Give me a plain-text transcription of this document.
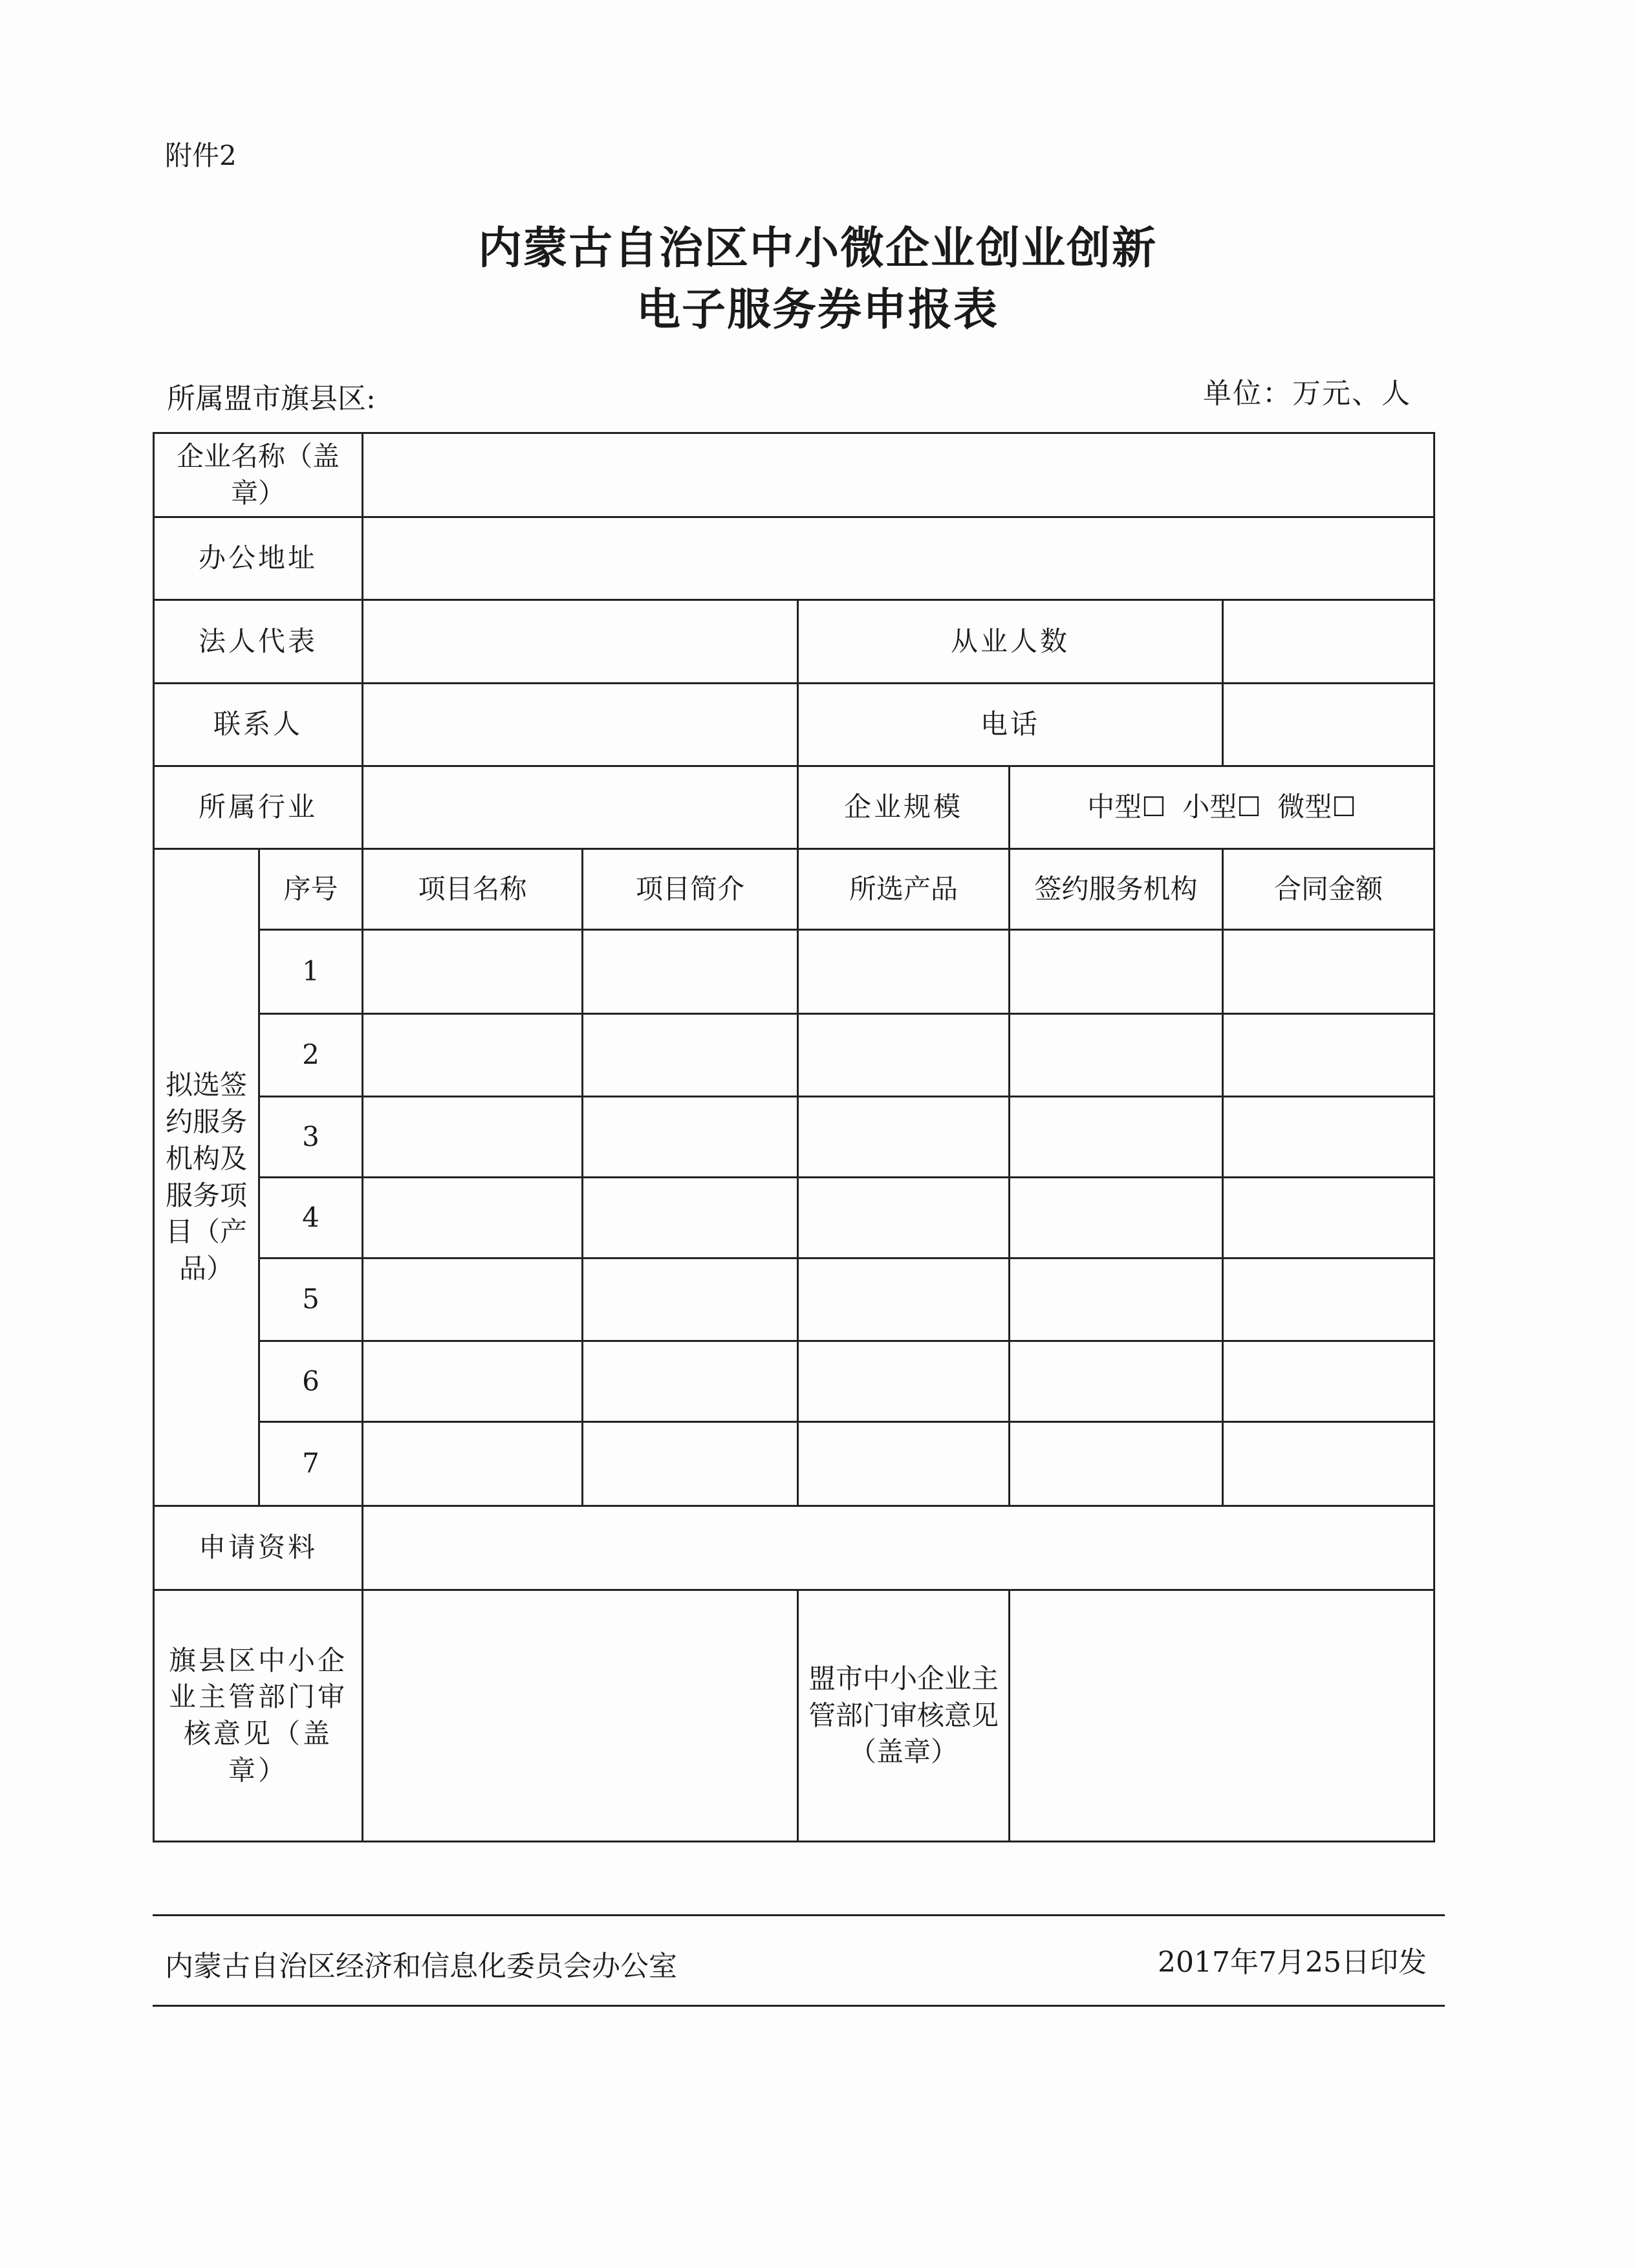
附件2
内蒙古自治区中小微企业创业创新
电子服务券申报表
所属盟市旗县区:	单位：万元、人
企业名称（盖章）						
办公地址						
法人代表				从业人数		
联系人				电话		
所属行业				企业规模	中型☐ 小型☐ 微型☐	
拟选签约服务机构及服务项目（产品）	序号	项目名称	项目简介	所选产品	签约服务机构	合同金额
	1					
	2					
	3					
	4					
	5					
	6					
	7					
申请资料						
旗县区中小企业主管部门审核意见（盖章）				盟市中小企业主管部门审核意见（盖章）		
内蒙古自治区经济和信息化委员会办公室	2017年7月25日印发
